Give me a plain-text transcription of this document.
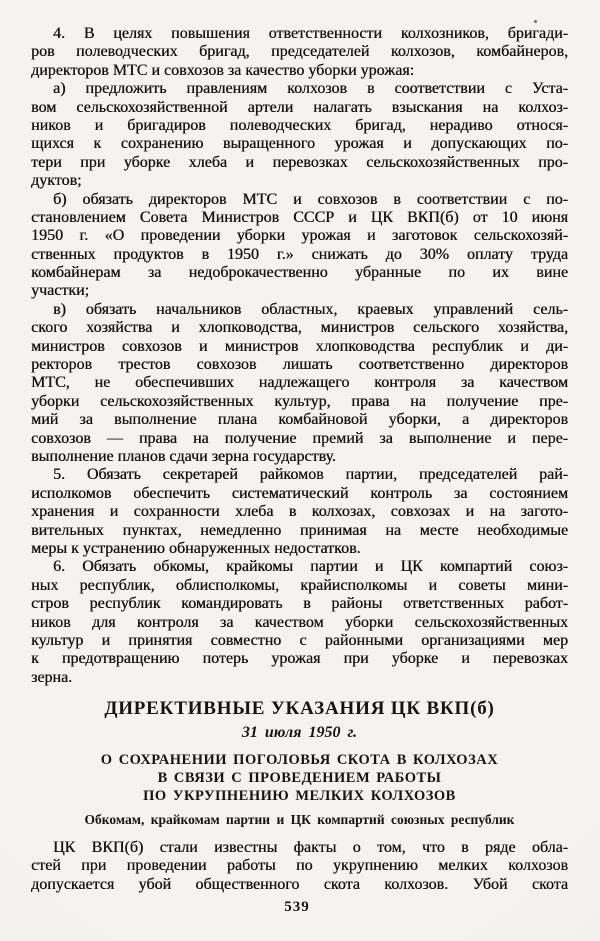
4. В целях повышения ответственности колхозников, бригади-
ров полеводческих бригад, председателей колхозов, комбайнеров,
директоров МТС и совхозов за качество уборки урожая:
а) предложить правлениям колхозов в соответствии с Уста-
вом сельскохозяйственной артели налагать взыскания на колхоз-
ников и бригадиров полеводческих бригад, нерадиво относя-
щихся к сохранению выращенного урожая и допускающих по-
тери при уборке хлеба и перевозках сельскохозяйственных про-
дуктов;
б) обязать директоров МТС и совхозов в соответствии с по-
становлением Совета Министров СССР и ЦК ВКП(б) от 10 июня
1950 г. «О проведении уборки урожая и заготовок сельскохозяй-
ственных продуктов в 1950 г.» снижать до 30% оплату труда
комбайнерам за недоброкачественно убранные по их вине
участки;
в) обязать начальников областных, краевых управлений сель-
ского хозяйства и хлопководства, министров сельского хозяйства,
министров совхозов и министров хлопководства республик и ди-
ректоров трестов совхозов лишать соответственно директоров
МТС, не обеспечивших надлежащего контроля за качеством
уборки сельскохозяйственных культур, права на получение пре-
мий за выполнение плана комбайновой уборки, а директоров
совхозов — права на получение премий за выполнение и пере-
выполнение планов сдачи зерна государству.
5. Обязать секретарей райкомов партии, председателей рай-
исполкомов обеспечить систематический контроль за состоянием
хранения и сохранности хлеба в колхозах, совхозах и на загото-
вительных пунктах, немедленно принимая на месте необходимые
меры к устранению обнаруженных недостатков.
6. Обязать обкомы, крайкомы партии и ЦК компартий союз-
ных республик, облисполкомы, крайисполкомы и советы мини-
стров республик командировать в районы ответственных работ-
ников для контроля за качеством уборки сельскохозяйственных
культур и принятия совместно с районными организациями мер
к предотвращению потерь урожая при уборке и перевозках
зерна.
ДИРЕКТИВНЫЕ УКАЗАНИЯ ЦК ВКП(б)
31 июля 1950 г.
О СОХРАНЕНИИ ПОГОЛОВЬЯ СКОТА В КОЛХОЗАХ
В СВЯЗИ С ПРОВЕДЕНИЕМ РАБОТЫ
ПО УКРУПНЕНИЮ МЕЛКИХ КОЛХОЗОВ
Обкомам, крайкомам партии и ЦК компартий союзных республик
ЦК ВКП(б) стали известны факты о том, что в ряде обла-
стей при проведении работы по укрупнению мелких колхозов
допускается убой общественного скота колхозов. Убой скота
539
